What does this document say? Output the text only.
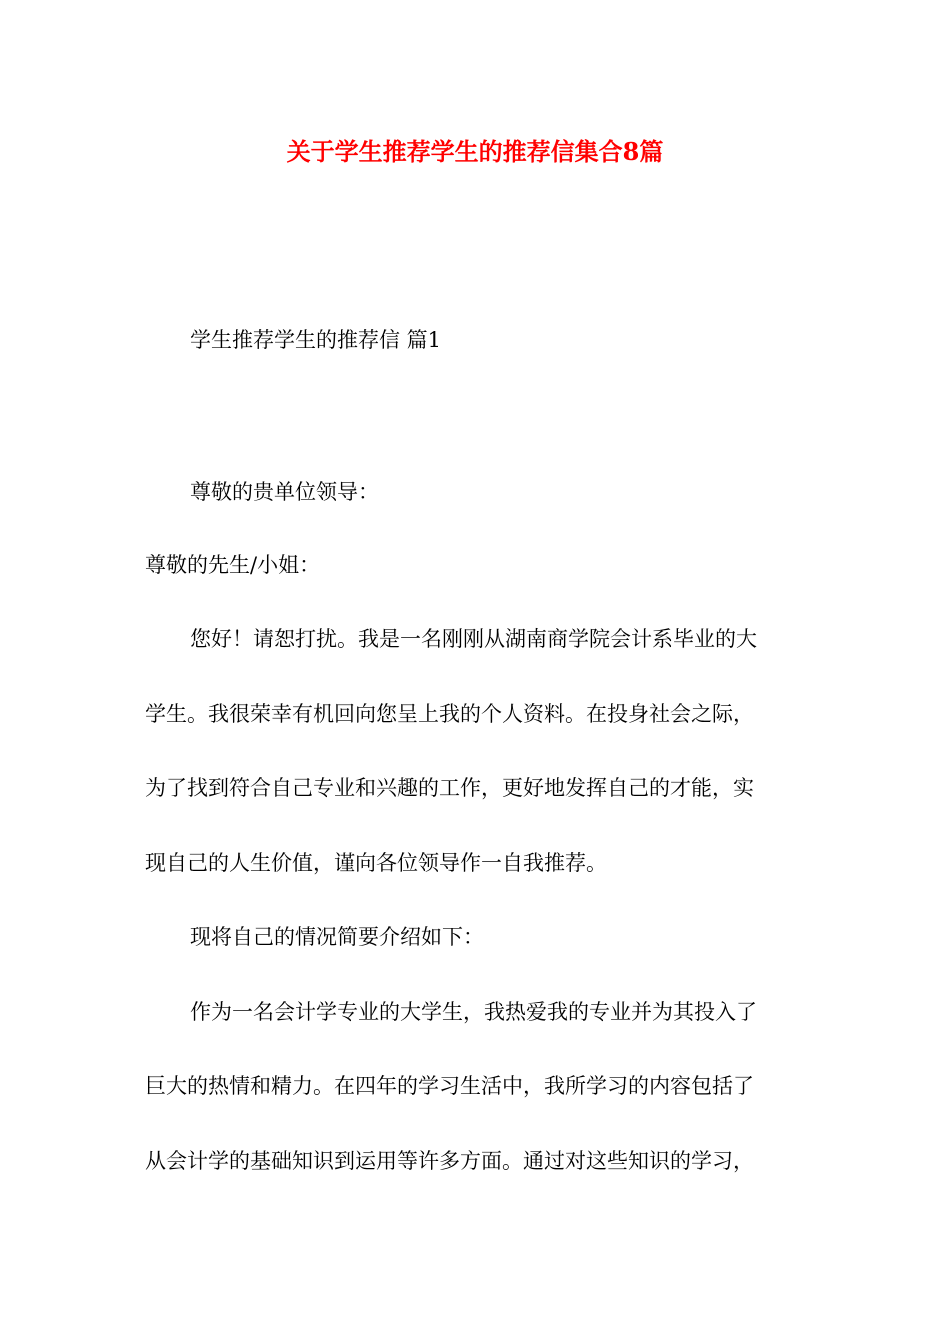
关于学生推荐学生的推荐信集合8篇
学生推荐学生的推荐信 篇1
尊敬的贵单位领导：
尊敬的先生/小姐：
您好！请恕打扰。我是一名刚刚从湖南商学院会计系毕业的大
学生。我很荣幸有机回向您呈上我的个人资料。在投身社会之际，
为了找到符合自己专业和兴趣的工作，更好地发挥自己的才能，实
现自己的人生价值，谨向各位领导作一自我推荐。
现将自己的情况简要介绍如下：
作为一名会计学专业的大学生，我热爱我的专业并为其投入了
巨大的热情和精力。在四年的学习生活中，我所学习的内容包括了
从会计学的基础知识到运用等许多方面。通过对这些知识的学习，
